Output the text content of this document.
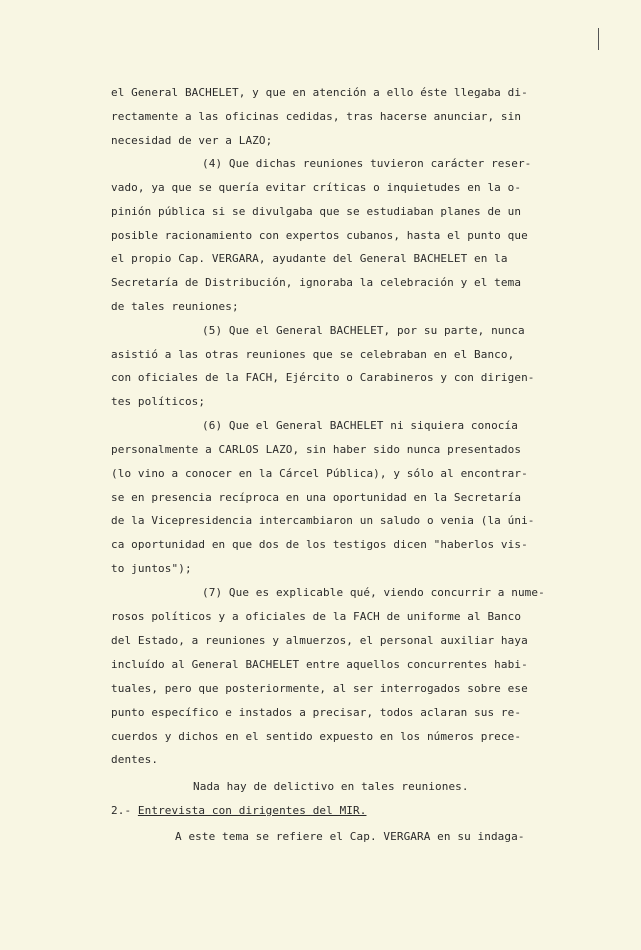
el General BACHELET, y que en atención a ello éste llegaba di-
rectamente a las oficinas cedidas, tras hacerse anunciar, sin
necesidad de ver a LAZO;
(4) Que dichas reuniones tuvieron carácter reser-
vado, ya que se quería evitar críticas o inquietudes en la o-
pinión pública si se divulgaba que se estudiaban planes de un
posible racionamiento con expertos cubanos, hasta el punto que
el propio Cap. VERGARA, ayudante del General BACHELET en la
Secretaría de Distribución, ignoraba la celebración y el tema
de tales reuniones;
(5) Que el General BACHELET, por su parte, nunca
asistió a las otras reuniones que se celebraban en el Banco,
con oficiales de la FACH, Ejército o Carabineros y con dirigen-
tes políticos;
(6) Que el General BACHELET ni siquiera conocía
personalmente a CARLOS LAZO, sin haber sido nunca presentados
(lo vino a conocer en la Cárcel Pública), y sólo al encontrar-
se en presencia recíproca en una oportunidad en la Secretaría
de la Vicepresidencia intercambiaron un saludo o venia (la úni-
ca oportunidad en que dos de los testigos dicen "haberlos vis-
to juntos");
(7) Que es explicable qué, viendo concurrir a nume-
rosos políticos y a oficiales de la FACH de uniforme al Banco
del Estado, a reuniones y almuerzos, el personal auxiliar haya
incluído al General BACHELET entre aquellos concurrentes habi-
tuales, pero que posteriormente, al ser interrogados sobre ese
punto específico e instados a precisar, todos aclaran sus re-
cuerdos y dichos en el sentido expuesto en los números prece-
dentes.
Nada hay de delictivo en tales reuniones.
2.- Entrevista con dirigentes del MIR.
A este tema se refiere el Cap. VERGARA en su indaga-
